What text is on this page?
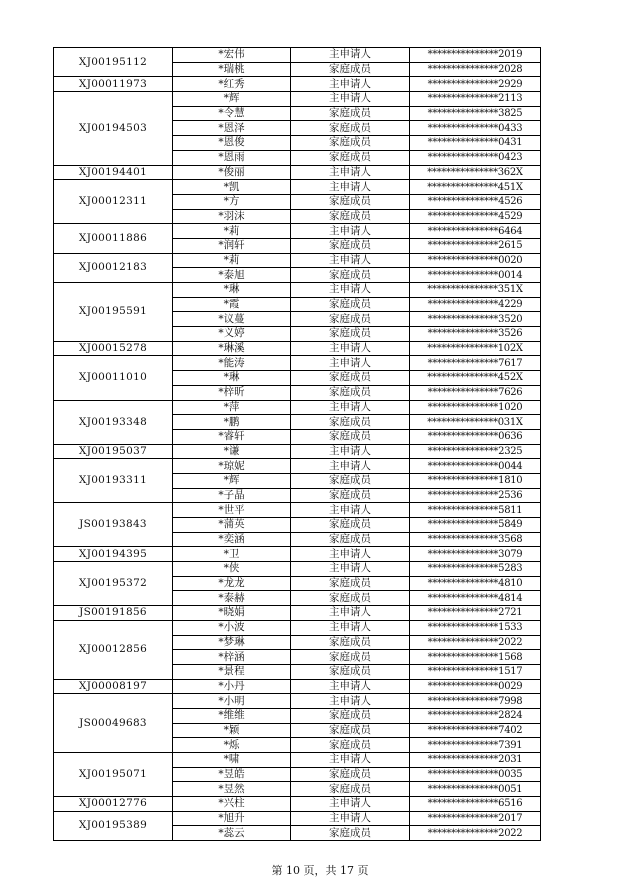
XJ00195112	*宏伟	主申请人	***************2019
	*瑞桃	家庭成员	***************2028
XJ00011973	*红秀	主申请人	***************2929
XJ00194503	*辉	主申请人	***************2113
	*令慧	家庭成员	***************3825
	*恩泽	家庭成员	***************0433
	*恩俊	家庭成员	***************0431
	*恩雨	家庭成员	***************0423
XJ00194401	*俊丽	主申请人	***************362X
XJ00012311	*凯	主申请人	***************451X
	*方	家庭成员	***************4526
	*羽沫	家庭成员	***************4529
XJ00011886	*莉	主申请人	***************6464
	*润轩	家庭成员	***************2615
XJ00012183	*莉	主申请人	***************0020
	*泰旭	家庭成员	***************0014
XJ00195591	*琳	主申请人	***************351X
	*霞	家庭成员	***************4229
	*议蔓	家庭成员	***************3520
	*义婷	家庭成员	***************3526
XJ00015278	*琳溪	主申请人	***************102X
XJ00011010	*能涛	主申请人	***************7617
	*琳	家庭成员	***************452X
	*梓昕	家庭成员	***************7626
XJ00193348	*萍	主申请人	***************1020
	*鹏	家庭成员	***************031X
	*睿轩	家庭成员	***************0636
XJ00195037	*谦	主申请人	***************2325
XJ00193311	*琼妮	主申请人	***************0044
	*辉	家庭成员	***************1810
	*子晶	家庭成员	***************2536
JS00193843	*世平	主申请人	***************5811
	*蒲英	家庭成员	***************5849
	*奕涵	家庭成员	***************3568
XJ00194395	*卫	主申请人	***************3079
XJ00195372	*侠	主申请人	***************5283
	*龙龙	家庭成员	***************4810
	*泰赫	家庭成员	***************4814
JS00191856	*晓娟	主申请人	***************2721
XJ00012856	*小波	主申请人	***************1533
	*梦琳	家庭成员	***************2022
	*梓涵	家庭成员	***************1568
	*景程	家庭成员	***************1517
XJ00008197	*小丹	主申请人	***************0029
JS00049683	*小明	主申请人	***************7998
	*维维	家庭成员	***************2824
	*颖	家庭成员	***************7402
	*烁	家庭成员	***************7391
XJ00195071	*啸	主申请人	***************2031
	*昱皓	家庭成员	***************0035
	*昱然	家庭成员	***************0051
XJ00012776	*兴柱	主申请人	***************6516
XJ00195389	*旭升	主申请人	***************2017
	*蕊云	家庭成员	***************2022
第 10 页，共 17 页
